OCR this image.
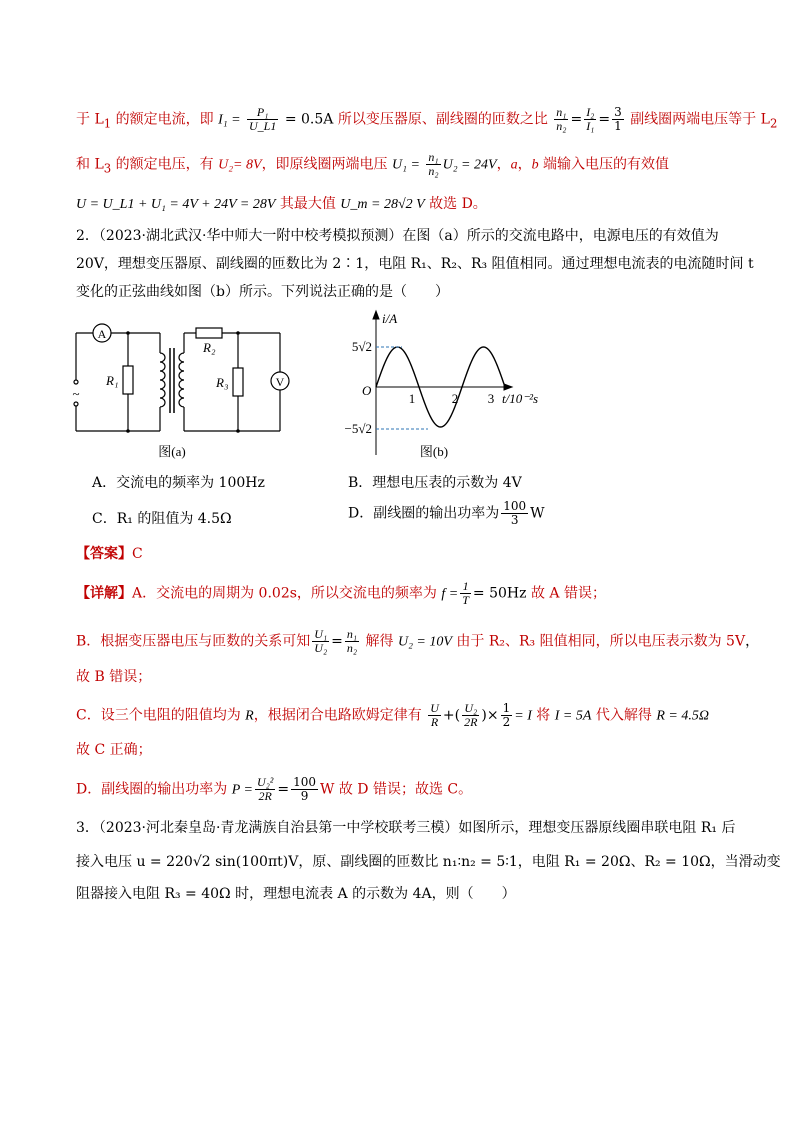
于 $L_1$ 的额定电流，即 $I_1 = \frac{\text{P₁}}{U\_L1} = 0.5A$ 所以变压器原、副线圈的匝数之比 $\frac{\text{n₁}}{\text{n₂}} = \frac{\text{I₂}}{\text{I₁}} = \frac{3}{1}$ 副线圈两端电压等于 $L_2$
和 $L_3$ 的额定电压，有 U₂= 8V，即原线圈两端电压 $U_1 = \frac{\text{n₁}}{\text{n₂}} U_2 = 24V$，a，b 端输入电压的有效值
U = U_L1 + U₁ = 4V + 24V = 28V 其最大值 U_m = 28√2 V 故选 D。
2．（2023·湖北武汉·华中师大一附中校考模拟预测）在图（a）所示的交流电路中，电源电压的有效值为
20V，理想变压器原、副线圈的匝数比为 2∶1，电阻 R₁、R₂、R₃ 阻值相同。通过理想电流表的电流随时间 t
变化的正弦曲线如图（b）所示。下列说法正确的是（　　）
A
V
~
R₁
R₂
R₃
图(a)
i/A
O
5√2
−5√2
1	2 3 t/10⁻²s
图(b)
A．交流电的频率为 100Hz	B．理想电压表的示数为 4V
C．R₁ 的阻值为 4.5Ω	D．副线圈的输出功率为 $\frac{100}{3}$ W
【答案】C
【详解】A．交流电的周期为 0.02s，所以交流电的频率为 $f = \frac{1}{T} = 50Hz$ 故 A 错误；
B．根据变压器电压与匝数的关系可知 $\frac{\text{U₁}}{\text{U₂}} = \frac{\text{n₁}}{\text{n₂}}$ 解得 U₂ = 10V 由于 R₂、R₃ 阻值相同，所以电压表示数为 5V，
故 B 错误；
C．设三个电阻的阻值均为 R，根据闭合电路欧姆定律有 $\frac{U}{R}$ +( $\frac{\text{U₂}}{2R}$ )× $\frac{1}{2} = I$ 将 I = 5A 代入解得 R = 4.5Ω
故 C 正确；
D．副线圈的输出功率为 $P = \frac{\text{U₂²}}{2R} = \frac{100}{9}$ W 故 D 错误；故选 C。
3．（2023·河北秦皇岛·青龙满族自治县第一中学校联考三模）如图所示，理想变压器原线圈串联电阻 R₁ 后
接入电压 u = 220√2 sin(100πt)V，原、副线圈的匝数比 n₁∶n₂ = 5∶1，电阻 R₁ = 20Ω、R₂ = 10Ω，当滑动变
阻器接入电阻 R₃ = 40Ω 时，理想电流表 A 的示数为 4A，则（　　）
